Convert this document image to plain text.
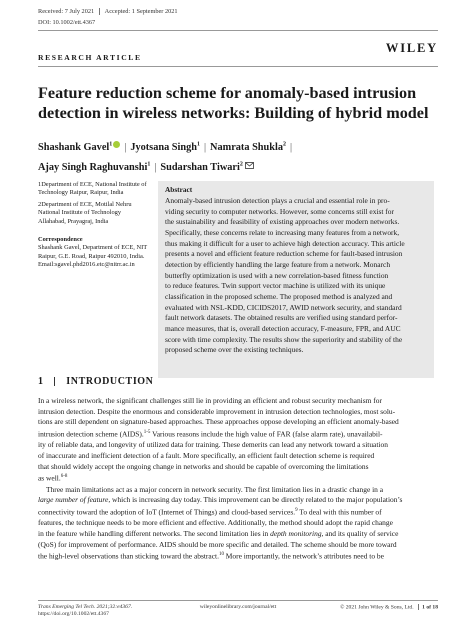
Received: 7 July 2021 Accepted: 1 September 2021
DOI: 10.1002/ett.4367
WILEY
RESEARCH ARTICLE
Feature reduction scheme for anomaly-based intrusion
detection in wireless networks: Building of hybrid model
Shashank Gavel$^1$ | Jyotsana Singh$^1$ | Namrata Shukla$^2$ |
Ajay Singh Raghuvanshi$^1$ | Sudarshan Tiwari$^2$
1Department of ECE, National Institute of
Technology Raipur, Raipur, India
2Department of ECE, Motilal Nehru
National Institute of Technology
Allahabad, Prayagraj, India
Correspondence
Shashank Gavel, Department of ECE, NIT
Raipur, G.E. Road, Raipur 492010, India.
Email:sgavel.phd2016.etc@nitrr.ac.in
Abstract
Anomaly-based intrusion detection plays a crucial and essential role in pro-
viding security to computer networks. However, some concerns still exist for
the sustainability and feasibility of existing approaches over modern networks.
Specifically, these concerns relate to increasing many features from a network,
thus making it difficult for a user to achieve high detection accuracy. This article
presents a novel and efficient feature reduction scheme for fault-based intrusion
detection by efficiently handling the large feature from a network. Monarch
butterfly optimization is used with a new correlation-based fitness function
to reduce features. Twin support vector machine is utilized with its unique
classification in the proposed scheme. The proposed method is analyzed and
evaluated with NSL-KDD, CICIDS2017, AWID network security, and standard
fault network datasets. The obtained results are verified using standard perfor-
mance measures, that is, overall detection accuracy, F-measure, FPR, and AUC
score with time complexity. The results show the superiority and stability of the
proposed scheme over the existing techniques.
1 INTRODUCTION
In a wireless network, the significant challenges still lie in providing an efficient and robust security mechanism for
intrusion detection. Despite the enormous and considerable improvement in intrusion detection technologies, most solu-
tions are still dependent on signature-based approaches. These approaches oppose developing an efficient anomaly-based
intrusion detection scheme (AIDS).$^{1-5}$ Various reasons include the high value of FAR (false alarm rate), unavailabil-
ity of reliable data, and longevity of utilized data for training. These demerits can lead any network toward a situation
of inaccurate and inefficient detection of a fault. More specifically, an efficient fault detection scheme is required
that should widely accept the ongoing change in networks and should be capable of overcoming the limitations
as well.$^{6-8}$
Three main limitations act as a major concern in network security. The first limitation lies in a drastic change in a
large number of feature, which is increasing day today. This improvement can be directly related to the major population’s
connectivity toward the adoption of IoT (Internet of Things) and cloud-based services.$^9$ To deal with this number of
features, the technique needs to be more efficient and effective. Additionally, the method should adopt the rapid change
in the feature while handling different networks. The second limitation lies in depth monitoring, and its quality of service
(QoS) for improvement of performance. AIDS should be more specific and detailed. The scheme should be more toward
the high-level observations than sticking toward the abstract.$^{10}$ More importantly, the network’s attributes need to be
Trans Emerging Tel Tech. 2021;32:e4367.
https://doi.org/10.1002/ett.4367
wileyonlinelibrary.com/journal/ett	© 2021 John Wiley & Sons, Ltd. 1 of 18
